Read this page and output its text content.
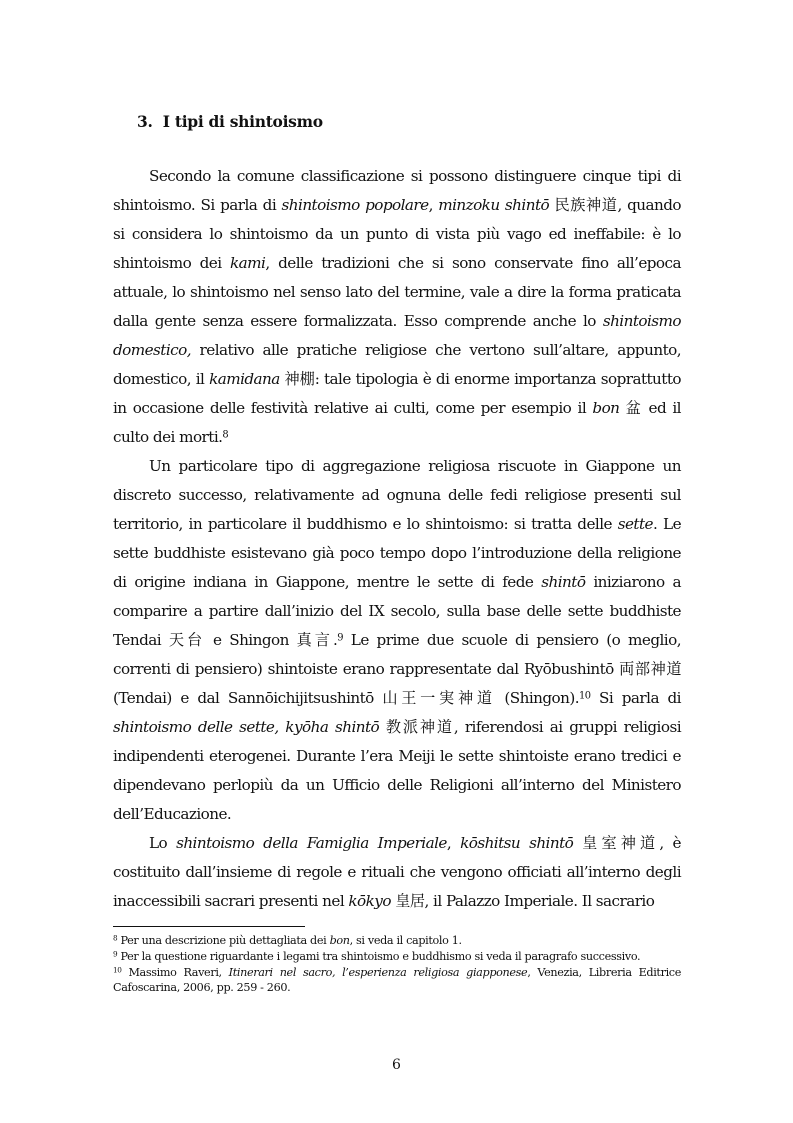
3. I tipi di shintoismo

Secondo la comune classificazione si possono distinguere cinque tipi di shintoismo. Si parla di shintoismo popolare, minzoku shintō 民族神道, quando si considera lo shintoismo da un punto di vista più vago ed ineffabile: è lo shintoismo dei kami, delle tradizioni che si sono conservate fino all’epoca attuale, lo shintoismo nel senso lato del termine, vale a dire la forma praticata dalla gente senza essere formalizzata. Esso comprende anche lo shintoismo domestico, relativo alle pratiche religiose che vertono sull’altare, appunto, domestico, il kamidana 神棚: tale tipologia è di enorme importanza soprattutto in occasione delle festività relative ai culti, come per esempio il bon 盆 ed il culto dei morti.$^8$

Un particolare tipo di aggregazione religiosa riscuote in Giappone un discreto successo, relativamente ad ognuna delle fedi religiose presenti sul territorio, in particolare il buddhismo e lo shintoismo: si tratta delle sette. Le sette buddhiste esistevano già poco tempo dopo l’introduzione della religione di origine indiana in Giappone, mentre le sette di fede shintō iniziarono a comparire a partire dall’inizio del IX secolo, sulla base delle sette buddhiste Tendai 天台 e Shingon 真言.$^9$ Le prime due scuole di pensiero (o meglio, correnti di pensiero) shintoiste erano rappresentate dal Ryōbushintō 両部神道 (Tendai) e dal Sannōichijitsushintō 山王一実神道 (Shingon).$^{10}$ Si parla di shintoismo delle sette, kyōha shintō 教派神道, riferendosi ai gruppi religiosi indipendenti eterogenei. Durante l’era Meiji le sette shintoiste erano tredici e dipendevano perlopiù da un Ufficio delle Religioni all’interno del Ministero dell’Educazione.

Lo shintoismo della Famiglia Imperiale, kōshitsu shintō 皇室神道, è costituito dall’insieme di regole e rituali che vengono officiati all’interno degli inaccessibili sacrari presenti nel kōkyo 皇居, il Palazzo Imperiale. Il sacrario

$^8$ Per una descrizione più dettagliata dei bon, si veda il capitolo 1.

$^9$ Per la questione riguardante i legami tra shintoismo e buddhismo si veda il paragrafo successivo.

$^{10}$ Massimo Raveri, Itinerari nel sacro, l’esperienza religiosa giapponese, Venezia, Libreria Editrice Cafoscarina, 2006, pp. 259 - 260.

6
